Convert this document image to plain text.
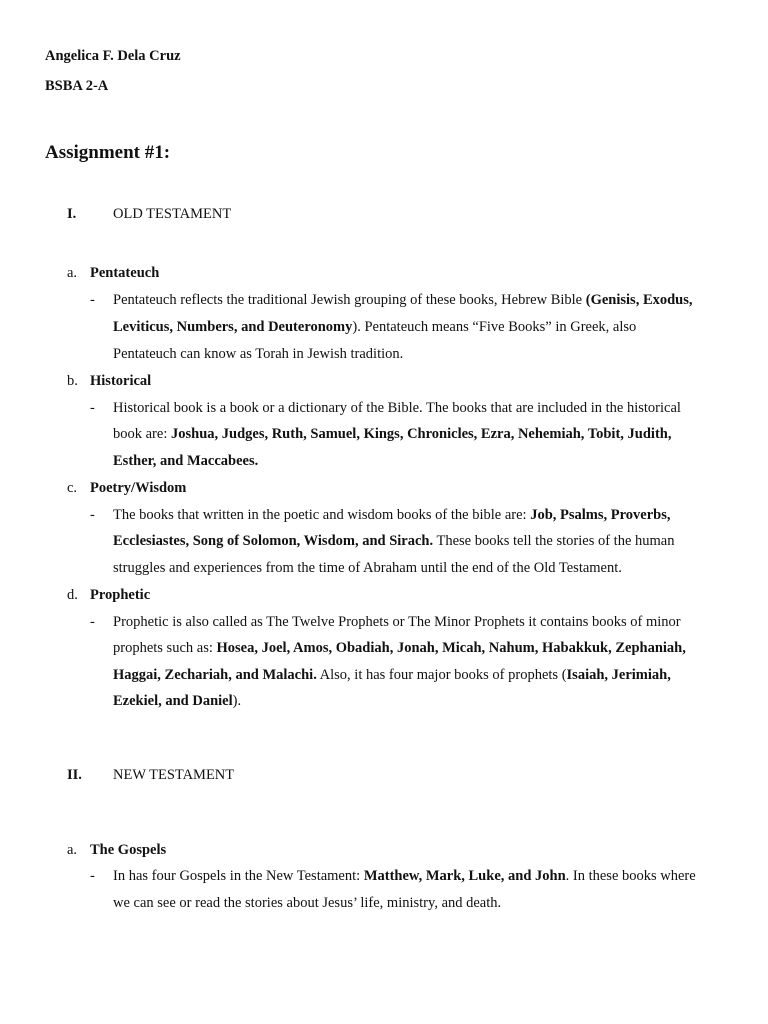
Angelica F. Dela Cruz
BSBA 2-A
Assignment #1:
I.	OLD TESTAMENT
a. Pentateuch
- Pentateuch reflects the traditional Jewish grouping of these books, Hebrew Bible (Genisis, Exodus,
Leviticus, Numbers, and Deuteronomy). Pentateuch means “Five Books” in Greek, also
Pentateuch can know as Torah in Jewish tradition.
b. Historical
- Historical book is a book or a dictionary of the Bible. The books that are included in the historical
book are: Joshua, Judges, Ruth, Samuel, Kings, Chronicles, Ezra, Nehemiah, Tobit, Judith,
Esther, and Maccabees.
c. Poetry/Wisdom
- The books that written in the poetic and wisdom books of the bible are: Job, Psalms, Proverbs,
Ecclesiastes, Song of Solomon, Wisdom, and Sirach. These books tell the stories of the human
struggles and experiences from the time of Abraham until the end of the Old Testament.
d. Prophetic
- Prophetic is also called as The Twelve Prophets or The Minor Prophets it contains books of minor
prophets such as: Hosea, Joel, Amos, Obadiah, Jonah, Micah, Nahum, Habakkuk, Zephaniah,
Haggai, Zechariah, and Malachi. Also, it has four major books of prophets (Isaiah, Jerimiah,
Ezekiel, and Daniel).
II. NEW TESTAMENT
a. The Gospels
- In has four Gospels in the New Testament: Matthew, Mark, Luke, and John. In these books where
we can see or read the stories about Jesus’ life, ministry, and death.
